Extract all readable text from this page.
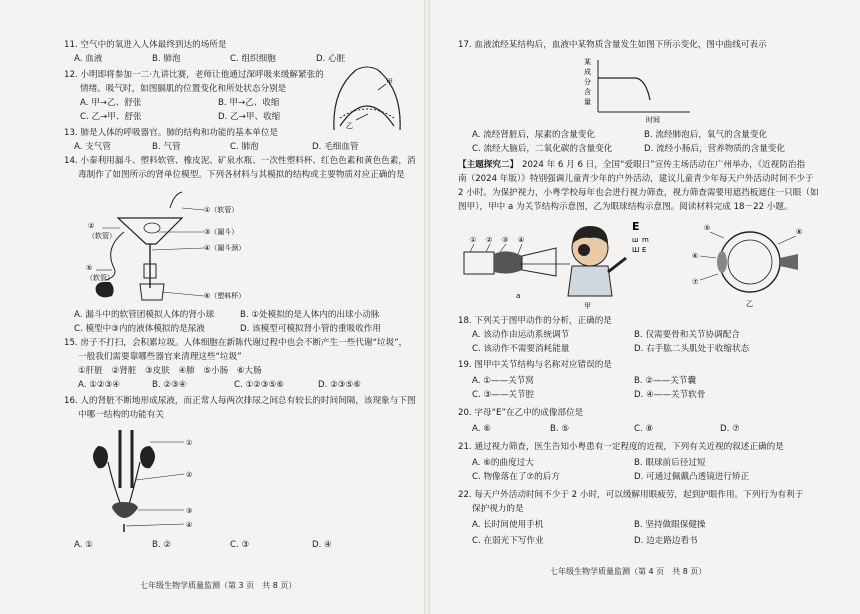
11. 空气中的氧进入人体最终到达的场所是
A. 血液	B. 肺泡	C. 组织细胞	D. 心脏
12. 小明即将参加一二·九讲比赛，老师让他通过深呼吸来缓解紧张的
情绪。吸气时，如图膈肌的位置变化和所处状态分别是
A. 甲→乙、舒张	B. 甲→乙、收缩
C. 乙→甲、舒张	D. 乙→甲、收缩
甲
乙
13. 肺是人体的呼吸器官。肺的结构和功能的基本单位是
A. 支气管	B. 气管	C. 肺泡	D. 毛细血管
14. 小秦利用漏斗、塑料软管、橡皮泥、矿泉水瓶、一次性塑料杯、红色色素和黄色色素，消
毒制作了如图所示的肾单位模型。下列各材料与其模拟的结构或主要物质对应正确的是
①（软管）
②
（软管）	③（漏斗）
④（漏斗颈）
⑤
（软管）
⑥（塑料杯）
A. 漏斗中的软管团模拟人体的肾小球	B. ①处模拟的是人体内的出球小动脉
C. 模型中③内的液体模拟的是尿液	D. 该模型可模拟肾小管的重吸收作用
15. 房子不打扫，会积累垃圾。人体细胞在新陈代谢过程中也会不断产生一些代谢“垃圾”，
一般我们需要靠哪些器官来清理这些“垃圾”
①肝脏　②肾脏　③皮肤　④肺　⑤小肠　⑥大肠
A. ①②③④	B. ②③④	C. ①②③⑤⑥	D. ②③⑤⑥
16. 人的肾脏不断地形成尿液，而正常人每两次排尿之间总有较长的时间间隔，该现象与下图
中哪一结构的功能有关
①
②
③
④
A. ①	B. ②	C. ③	D. ④
七年级生物学质量监测（第 3 页　共 8 页）
17. 血液流经某结构后，血液中某物质含量发生如图下所示变化，图中曲线可表示
某
成
分
含
量
时间
A. 流经肾脏后，尿素的含量变化	B. 流经肺泡后，氧气的含量变化
C. 流经大脑后，二氧化碳的含量变化	D. 流经小肠后，营养物质的含量变化
【主题探究二】 2024 年 6 月 6 日，全国“爱眼日”宣传主场活动在广州举办，《近视防治指
南（2024 年版）》特别强调儿童青少年的户外活动，建议儿童青少年每天户外活动时间不少于
2 小时。为保护视力，小粤学校每年也会进行视力筛查，视力筛查需要用遮挡板遮住一只眼（如
图甲），甲中 a 为关节结构示意图，乙为眼球结构示意图。阅读材料完成 18－22 小题。
① ② ③ ④
a
甲
E
ш m
Ш E
⑤
⑥
⑦
⑧
乙
18. 下列关于图甲动作的分析，正确的是
A. 该动作由运动系统调节	B. 仅需要骨和关节协调配合
C. 该动作不需要消耗能量	D. 右手肱二头肌处于收缩状态
19. 图甲中关节结构与名称对应错误的是
A. ①——关节窝	B. ②——关节囊
C. ③——关节腔	D. ④——关节软骨
20. 字母“E”在乙中的成像部位是
A. ⑥	B. ⑤	C. ⑧	D. ⑦
21. 通过视力筛查，医生告知小粤患有一定程度的近视，下列有关近视的叙述正确的是
A. ⑥的曲度过大	B. 眼球前后径过短
C. 物像落在了⑦的后方	D. 可通过佩戴凸透镜进行矫正
22. 每天户外活动时间不少于 2 小时，可以缓解用眼疲劳，起到护眼作用。下列行为有利于
保护视力的是
A. 长时间使用手机	B. 坚持做眼保健操
C. 在弱光下写作业	D. 边走路边看书
七年级生物学质量监测（第 4 页　共 8 页）
